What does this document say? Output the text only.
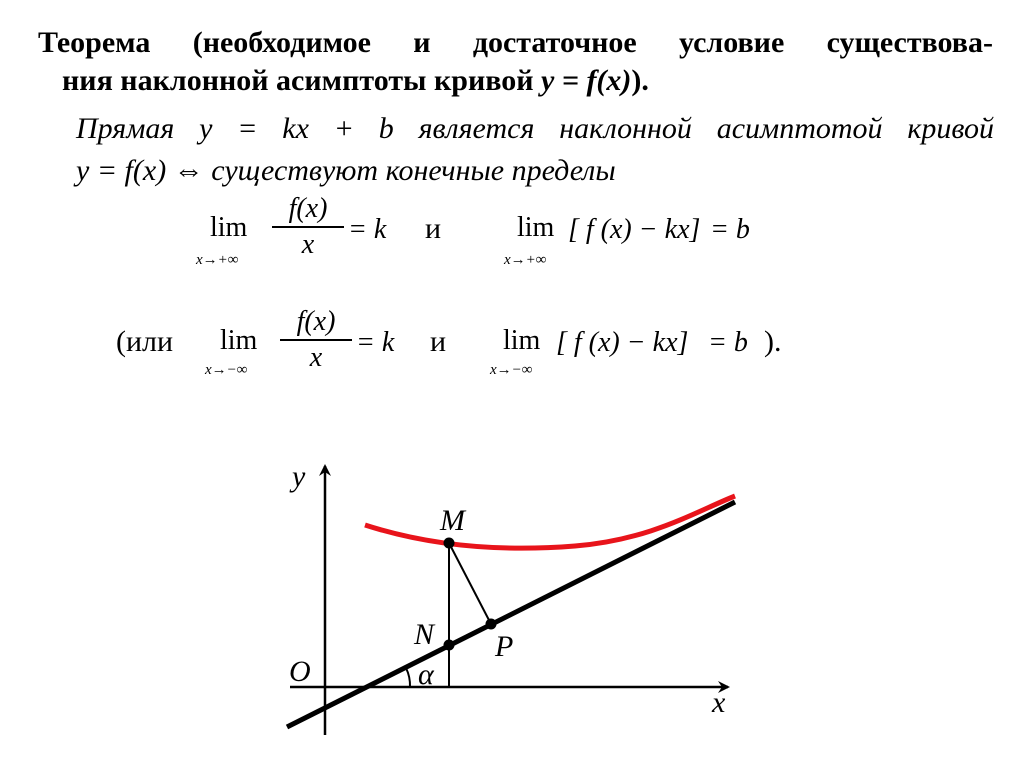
Теорема (необходимое и достаточное условие существова-
ния наклонной асимптоты кривой y = f(x)).

Прямая y = kx + b является наклонной асимптотой кривой
y = f(x) ⇔ существуют конечные пределы

lim
$x\to+\infty \frac{f(x)}{x} = k$ и	lim
x→+∞
[ f (x) − kx] = b
(или lim
$x\to-\infty \frac{f(x)}{x} = k$ и lim
x→−∞
[ f (x) − kx] = b ).
y
x
O
M
N P
α
